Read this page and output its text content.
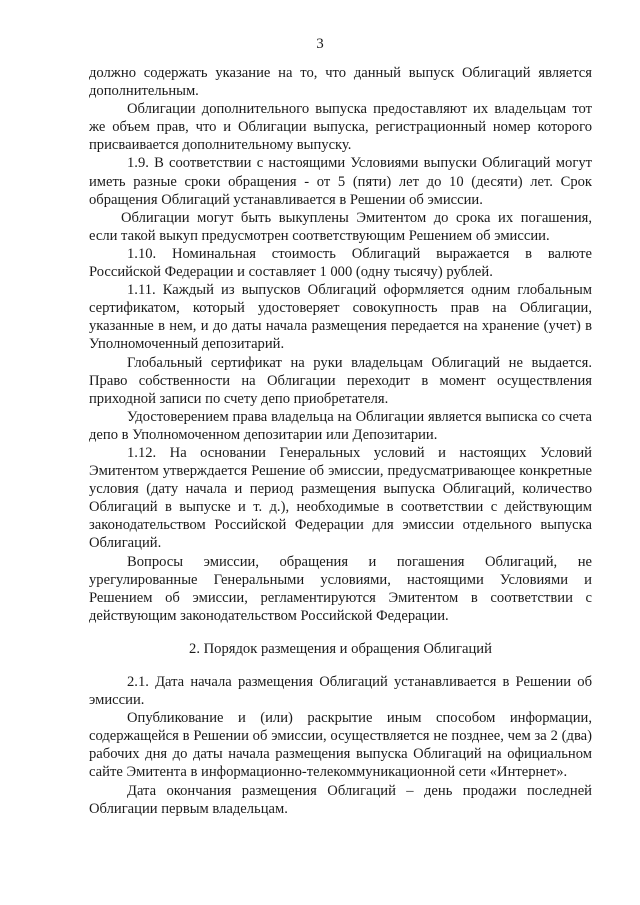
3

должно содержать указание на то, что данный выпуск Облигаций является дополнительным.

Облигации дополнительного выпуска предоставляют их владельцам тот же объем прав, что и Облигации выпуска, регистрационный номер которого присваивается дополнительному выпуску.

1.9. В соответствии с настоящими Условиями выпуски Облигаций могут иметь разные сроки обращения - от 5 (пяти) лет до 10 (десяти) лет. Срок обращения Облигаций устанавливается в Решении об эмиссии.

Облигации могут быть выкуплены Эмитентом до срока их погашения, если такой выкуп предусмотрен соответствующим Решением об эмиссии.

1.10. Номинальная стоимость Облигаций выражается в валюте Российской Федерации и составляет 1 000 (одну тысячу) рублей.

1.11. Каждый из выпусков Облигаций оформляется одним глобальным сертификатом, который удостоверяет совокупность прав на Облигации, указанные в нем, и до даты начала размещения передается на хранение (учет) в Уполномоченный депозитарий.

Глобальный сертификат на руки владельцам Облигаций не выдается. Право собственности на Облигации переходит в момент осуществления приходной записи по счету депо приобретателя.

Удостоверением права владельца на Облигации является выписка со счета депо в Уполномоченном депозитарии или Депозитарии.

1.12. На основании Генеральных условий и настоящих Условий Эмитентом утверждается Решение об эмиссии, предусматривающее конкретные условия (дату начала и период размещения выпуска Облигаций, количество Облигаций в выпуске и т. д.), необходимые в соответствии с действующим законодательством Российской Федерации для эмиссии отдельного выпуска Облигаций.

Вопросы эмиссии, обращения и погашения Облигаций, не урегулированные Генеральными условиями, настоящими Условиями и Решением об эмиссии, регламентируются Эмитентом в соответствии с действующим законодательством Российской Федерации.

2. Порядок размещения и обращения Облигаций

2.1. Дата начала размещения Облигаций устанавливается в Решении об эмиссии.

Опубликование и (или) раскрытие иным способом информации, содержащейся в Решении об эмиссии, осуществляется не позднее, чем за 2 (два) рабочих дня до даты начала размещения выпуска Облигаций на официальном сайте Эмитента в информационно-телекоммуникационной сети «Интернет».

Дата окончания размещения Облигаций – день продажи последней Облигации первым владельцам.
